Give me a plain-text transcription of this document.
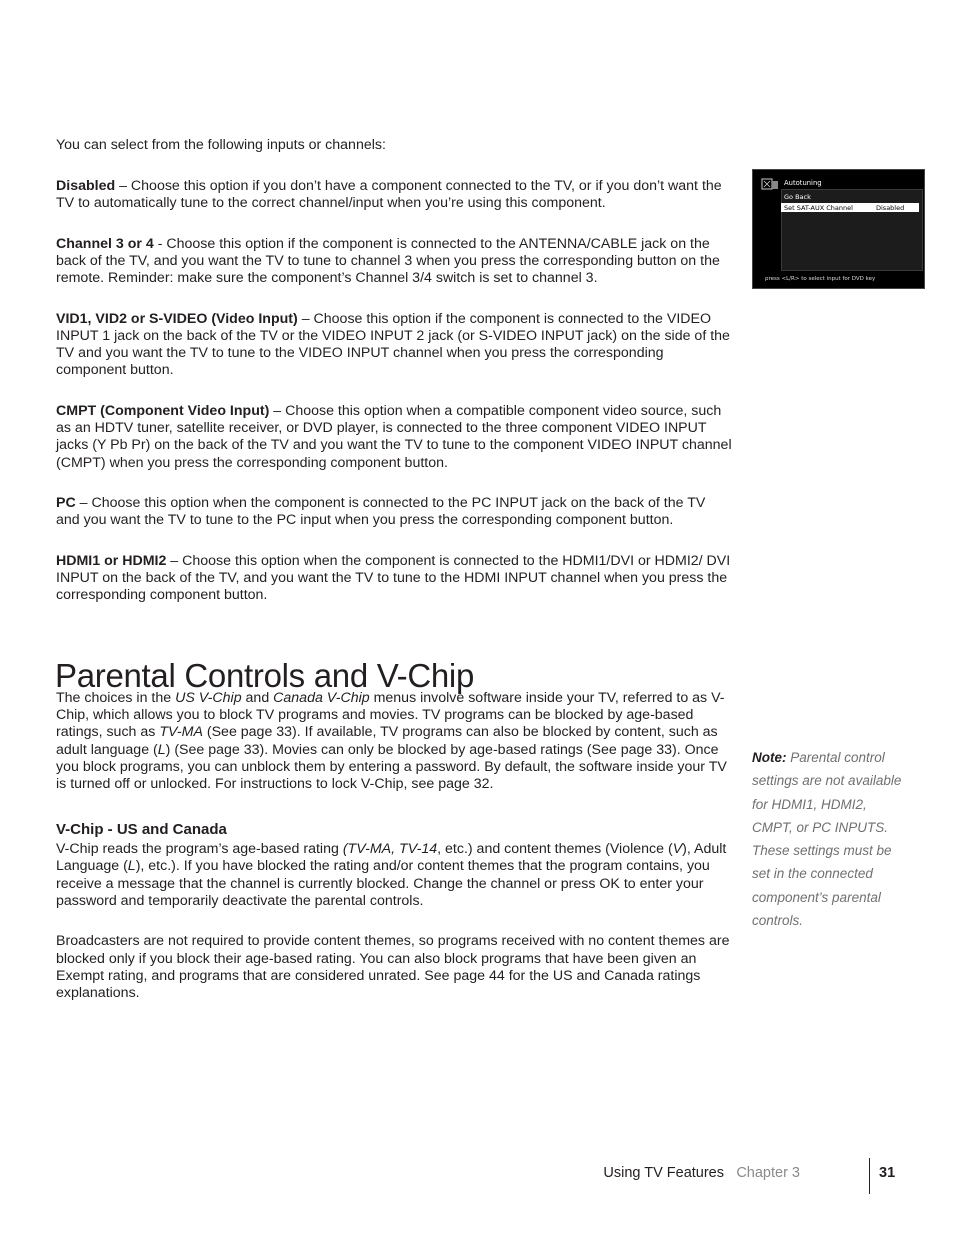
You can select from the following inputs or channels:

Disabled – Choose this option if you don’t have a component connected to the TV, or if you don’t want the TV to automatically tune to the correct channel/input when you’re using this component.

Channel 3 or 4 - Choose this option if the component is connected to the ANTENNA/CABLE jack on the back of the TV, and you want the TV to tune to channel 3 when you press the corresponding button on the remote. Reminder: make sure the component’s Channel 3/4 switch is set to channel 3.

VID1, VID2 or S-VIDEO (Video Input) – Choose this option if the component is connected to the VIDEO INPUT 1 jack on the back of the TV or the VIDEO INPUT 2 jack (or S-VIDEO INPUT jack) on the side of the TV and you want the TV to tune to the VIDEO INPUT channel when you press the corresponding component button.

CMPT (Component Video Input) – Choose this option when a compatible component video source, such as an HDTV tuner, satellite receiver, or DVD player, is connected to the three component VIDEO INPUT jacks (Y Pb Pr) on the back of the TV and you want the TV to tune to the component VIDEO INPUT channel (CMPT) when you press the corresponding component button.

PC – Choose this option when the component is connected to the PC INPUT jack on the back of the TV and you want the TV to tune to the PC input when you press the corresponding component button.

HDMI1 or HDMI2 – Choose this option when the component is connected to the HDMI1/DVI or HDMI2/ DVI INPUT on the back of the TV, and you want the TV to tune to the HDMI INPUT channel when you press the corresponding component button.

Parental Controls and V-Chip

The choices in the US V-Chip and Canada V-Chip menus involve software inside your TV, referred to as V-Chip, which allows you to block TV programs and movies. TV programs can be blocked by age-based ratings, such as TV-MA (See page 33). If available, TV programs can also be blocked by content, such as adult language (L) (See page 33). Movies can only be blocked by age-based ratings (See page 33). Once you block programs, you can unblock them by entering a password. By default, the software inside your TV is turned off or unlocked. For instructions to lock V-Chip, see page 32.

V-Chip - US and Canada

V-Chip reads the program’s age-based rating (TV-MA, TV-14, etc.) and content themes (Violence (V), Adult Language (L), etc.). If you have blocked the rating and/or content themes that the program contains, you receive a message that the channel is currently blocked. Change the channel or press OK to enter your password and temporarily deactivate the parental controls.

Broadcasters are not required to provide content themes, so programs received with no content themes are blocked only if you block their age-based rating. You can also block programs that have been given an Exempt rating, and programs that are considered unrated. See page 44 for the US and Canada ratings explanations.

Autotuning
Go Back
Set SAT-AUX Channel	Disabled
press <L/R> to select input for DVD key
Note: Parental control settings are not available for HDMI1, HDMI2, CMPT, or PC INPUTS. These settings must be set in the connected component’s parental controls.
Using TV Features Chapter 3	31
